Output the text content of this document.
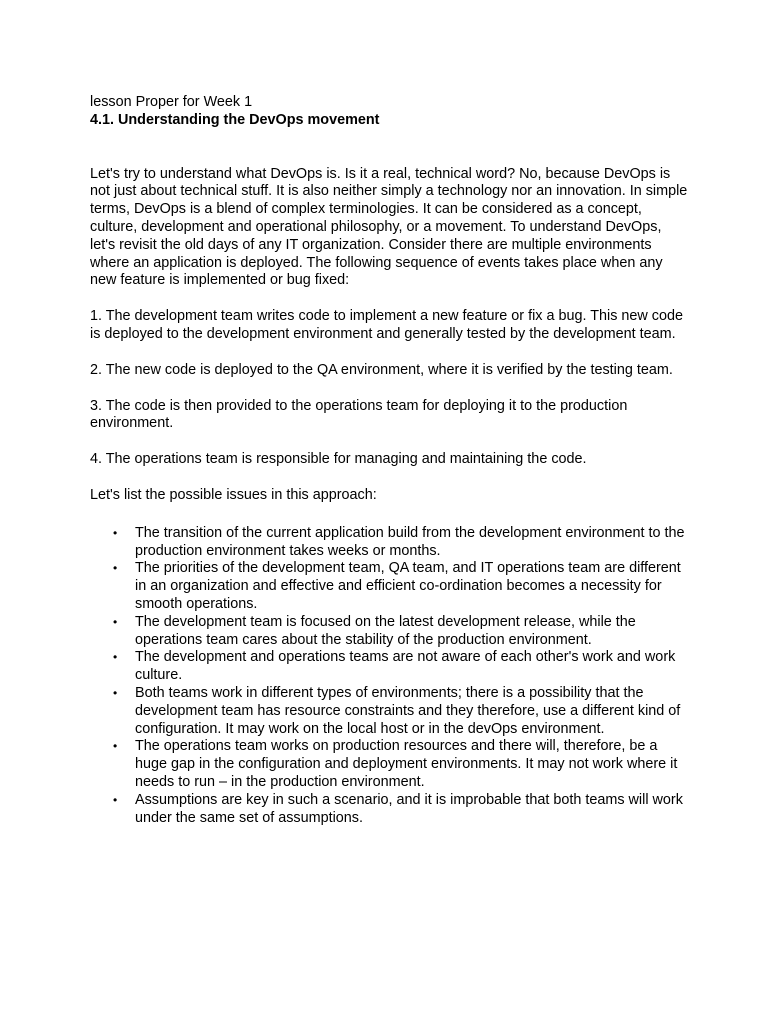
lesson Proper for Week 1

4.1. Understanding the DevOps movement

Let's try to understand what DevOps is. Is it a real, technical word? No, because DevOps is not just about technical stuff. It is also neither simply a technology nor an innovation. In simple terms, DevOps is a blend of complex terminologies. It can be considered as a concept, culture, development and operational philosophy, or a movement. To understand DevOps, let's revisit the old days of any IT organization. Consider there are multiple environments where an application is deployed. The following sequence of events takes place when any new feature is implemented or bug fixed:

1. The development team writes code to implement a new feature or fix a bug. This new code is deployed to the development environment and generally tested by the development team.

2. The new code is deployed to the QA environment, where it is verified by the testing team.

3. The code is then provided to the operations team for deploying it to the production environment.

4. The operations team is responsible for managing and maintaining the code.

Let's list the possible issues in this approach:

• The transition of the current application build from the development environment to the production environment takes weeks or months.
• The priorities of the development team, QA team, and IT operations team are different in an organization and effective and efficient co-ordination becomes a necessity for smooth operations.
• The development team is focused on the latest development release, while the operations team cares about the stability of the production environment.
• The development and operations teams are not aware of each other's work and work culture.
• Both teams work in different types of environments; there is a possibility that the development team has resource constraints and they therefore, use a different kind of configuration. It may work on the local host or in the devOps environment.
• The operations team works on production resources and there will, therefore, be a huge gap in the configuration and deployment environments. It may not work where it needs to run – in the production environment.
• Assumptions are key in such a scenario, and it is improbable that both teams will work under the same set of assumptions.
